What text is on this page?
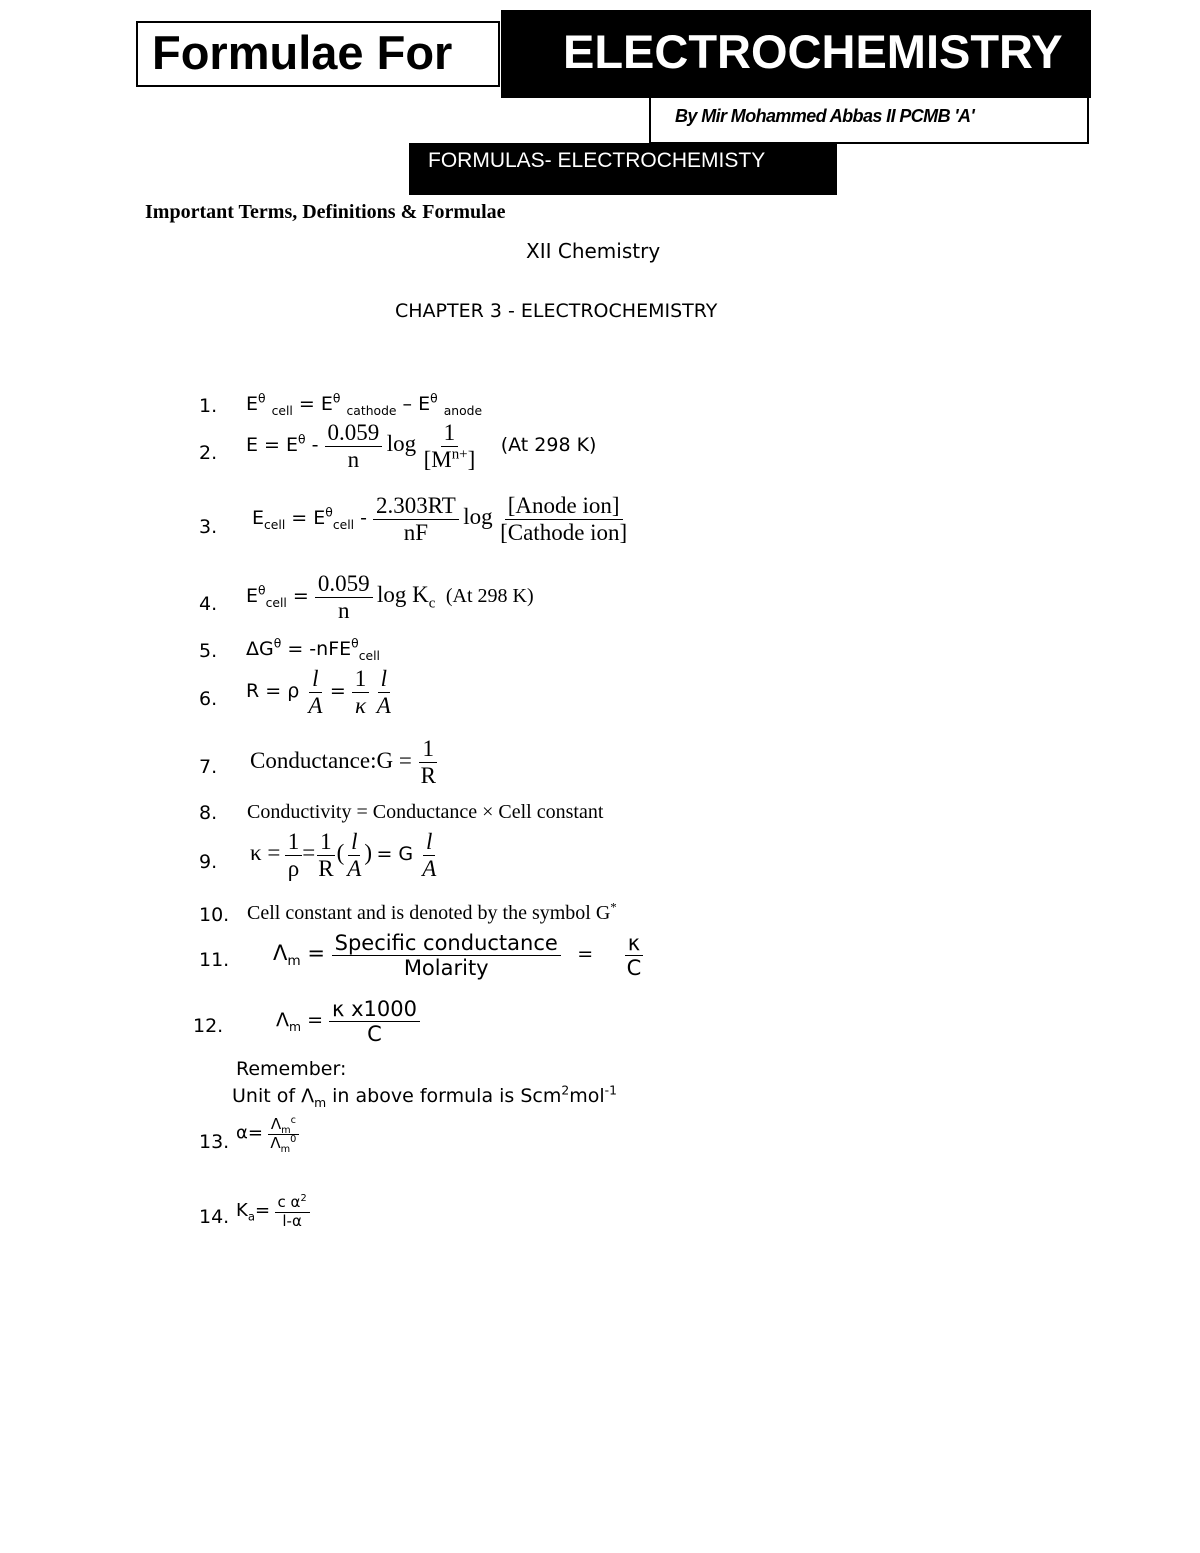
Formulae For ELECTROCHEMISTRY
By Mir Mohammed Abbas II PCMB 'A'
FORMULAS- ELECTROCHEMISTY
Important Terms, Definitions & Formulae
XII Chemistry
CHAPTER 3 - ELECTROCHEMISTRY
1.
2.
3.
4.
5.
6.
7.
8.
9.
10.
11.
12.
13.
14.
$E^\theta$ $_{cell} = E^\theta$ $_{cathode} - E^\theta$ $_{anode}$
$E = E^\theta - \frac{0.059}{n}$ $\log \frac{1}{[M^{n+}]} (At$ 298 K)
$E_{cell} = E^\theta_{cell} - \frac{2.303RT}{nF}$ $\log \frac{\text{[Anode ion]}}{\text{[Cathode ion]}}$
$E^\theta_{cell} = \frac{0.059}{n}$ $\log K_c$ (At 298 K)
$\Delta G^\theta = -nFE^\theta_{cell}$
R = ρ $\frac{l}{A} = \frac{1}{\kappa}$
$\frac{l}{A}$
Conductance:G = $\frac{1}{R}$
Conductivity = Conductance × Cell constant
$\kappa = \frac{1}{\rho} = \frac{1}{R}$ ( $\frac{l}{A}$ ) = G $\frac{l}{A}$
Cell constant and is denoted by the symbol G*
$\Lambda_m = \frac{\text{Specific conductance}}{\text{Molarity}} = \frac{\kappa}{C}$
$\Lambda_m = \frac{\text{κ x1000}}{C}$
Remember:
Unit of $\Lambda_m$ in above formula is Scm$^2$mol$^{-1}$
$\alpha= \frac{\Lambda_m^c}{\Lambda_m^0}$
$K_a= \frac{c \alpha^2}{l-\alpha}$
